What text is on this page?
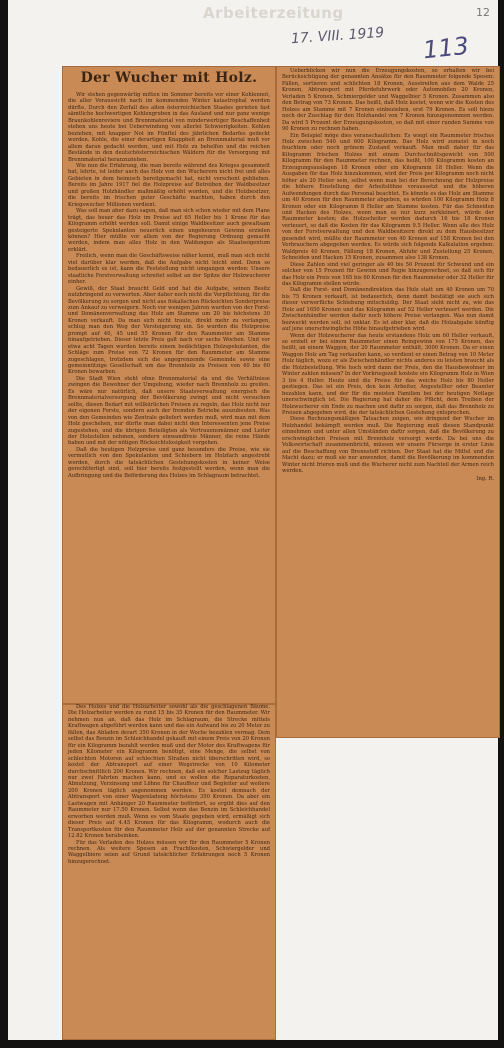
Arbeiterzeitung
17. VIII. 1919 113
12
Der Wucher mit Holz.

Wir stehen gegenwärtig mitten im Sommer bereits vor einer Kohlennot, die aller Voraussicht nach im kommenden Winter katastrophal werden dürfte. Durch den Zerfall des alten österreichischen Staates gerieten fast sämtliche hochwertigen Kohlengruben in das Ausland und nur ganz wenige Braunkohlenreviere und Brennmaterial von minderwertiger Beschaffenheit stehen uns heute bei Ueberwindung von allerlei Schwierigkeiten. Kohlen beziehen, mit knapper Not im Fünftel des jährlichen Bedarfes gedeckt werden. Kohle, die einer derartigen Knappheit an Brennmaterial muß vor allem daran gedacht werden, und mit Holz zu behelfen und die reichen Bestände in den deutschösterreichischen Wäldern für die Versorgung mit Brennmaterial heranzuziehen.

Wie nun die Erfahrung, die man bereits während des Krieges gesammelt hat, lehrte, ist leider auch das Holz von den Wucherern nicht frei und alles Gebieten in dem heimisch bereitgemacht hat, nicht verschont geblieben. Bereits im Jahre 1917 fiel die Holzpreise auf Betreiben der Waldbesitzer und großen Holzhändler maßmäßig erhöht worden, und die Holzbesitzer, die bereits im frischen guter Geschäfte machten, haben durch den Kriegswucher Millionen verdient.

Was soll man aber dazu sagen, daß man sich schon wieder mit dem Plane trägt, das heuer das Holz im Preise auf 65 Heller bis 1 Krone für das Kilogramm erhöht werden soll. Damit einige Waldbesitzer auch gewaltsam gesteigerte Spekulanten neuerlich einen ungeheuren Gewinn erzielen können? Hier müßte vor allem von der Regierung Ordnung gemacht werden, indem man alles Holz in den Waldungen als Staatseigentum erklärt.

Freilich, wenn man die Geschäftsweise näher kennt, muß man sich nicht viel darüber klar werden, daß die Aufgabe nicht leicht sind. Denn so bedauerlich es ist, kann die Feststellung nicht umgangen werden: Unsere staatliche Forstverwaltung schreitet selbst an der Spitze der Holzwucherer einher.

Gewiß, der Staat braucht Geld und hat die Aufgabe, seinen Besitz nutzbringend zu verwerten. Aber daher noch nicht die Verpflichtung, für die Bevölkerung zu sorgen und nicht aus fiskalischen Rücksichten Sonderpreise zum Ankauf zu verweigern. Noch vor wenigen Jahren wurden von der Forst- und Domänenverwaltung das Holz am Stamme um 20 bis höchstens 30 Kronen verkauft. Da man sich nicht traute, direkt mehr zu verlangen, schlug man den Weg der Versteigerung ein. So wurden die Holzpreise prompt auf 40, 45 und 55 Kronen für den Raummeter am Stamme hinaufgetrieben. Dieser letzte Preis galt nach vor sechs Wochen. Und vor etwa acht Tagen wurden bereits einem bedächtigen Holzspekulanten, die Schläge zum Preise von 72 Kronen für den Raummeter am Stamme zugeschlagen, trotzdem sich die angegrenzende Gemeinde sowie eine gemeinnützige Gesellschaft um das Brennholz zu Preisen von 40 bis 60 Kronen bewarben.

Die Stadt Wien steht ohne Brennmaterial da und die Verhältnisse zwingen die Bewohner der Umgebung, wieder nach Brennholz zu greifen. Es wäre nur natürlich, daß unsere Staatsverwaltung energisch die Brennmaterialversorgung der Bevölkerung zwingt und nicht versuchen sollte, diesen Bedarf mit willkürlichen Preisen zu regeln, das Holz nicht nur der eigenen Forste, sondern auch der fremden Betriebe auszubeuten. Was von den Gemeinden wie Zentrale geliefert werden muß, wird man mit dem Holz geschehen, nur dürfte man dabei nicht den Interessenten jene Preise zugestehen, und die übrigen Beteiligten als Vertrauensmänner und Leiter der Holzstellen nehmen, sondern einwandfreie Männer, die reine Hände haben und mit der nötigen Rücksichtslosigkeit vorgehen.

Daß die heutigen Holzpreise und ganz besonders die Preise, wie sie vermutlich von den Spekulanten und Schiebern im Holzfach angestrebt werden, durch die tatsächlichen Gestehungskosten in keiner Weise gerechtfertigt sind, soll hier bereits festgestellt werden, wenn man die Aufbringung und die Beförderung des Holzes im Schlagraum betrachtet.

Des Holzes und die Holzarbeiter sowohl als die geschlagenen Bäume. Die Holzarbeiter werden zu rund 15 bis 35 Kronen für den Raummeter. Wir nehmen nun an, daß das Holz im Schlagraum, die Strecke mittels Kraftwagen abgeführt werden kann und das ein Aufwand bis zu 20 Meter zu fällen, das Abladen derart 350 Kronen in der Woche bezahlen vermag. Dem selbst das Benzin im Schleichhandel gekauft mit einem Preis von 20 Kronen für ein Kilogramm bezahlt werden muß und der Motor des Kraftwagens für jeden Kilometer ein Kilogramm benötigt, eine Menge, die selbst von schlechten Motoren auf schlechten Straßen nicht überschritten wird, so kostet der Abtransport auf einer Wegstrecke von 10 Kilometer durchschnittlich 200 Kronen. Wir rechnen, daß ein solcher Lastzug täglich nur zwei Fahrten machen kann, und es wollen die Reparaturkosten, Abnutzung, Verzinsung und Löhne für Chauffeur und Begleiter auf weitere 200 Kronen täglich angenommen werden. Es kostet demnach der Abtransport von einer Wagenladung höchstens 350 Kronen. Da aber ein Lastwagen mit Anhänger 20 Raummeter befördert, so ergibt dies auf den Raummeter nur 17.50 Kronen. Selbst wenn das Benzin im Schleichhandel erworben werden muß. Wenn es vom Staate gegeben wird, ermäßigt sich dieser Preis auf 4.45 Kronen für das Kilogramm, wodurch auch die Transportkosten für den Raummeter Holz auf der genannten Strecke auf 12.82 Kronen herabsinken.

Für das Verladen des Holzes müssen wir für den Raummeter 5 Kronen rechnen. Als weitere Spesen an Frachtkosten, Schwiergelder und Waggelbiere seien auf Grund tatsächlicher Erfahrungen noch 5 Kronen hinzugerechnet.

Ueberblicken wir nun die Erzeugungskosten, so erhalten wir bei Berücksichtigung der genannten Ansätze für den Raummeter folgende Spesen: Fällen, sortieren und schlichten 18 Kronen, Ausstreifen aus dem Walde 25 Kronen, Abtransport mit Pferdefuhrwerk oder Automobilen 20 Kronen, Verladen 5 Kronen, Schmiergelder und Waggelbier 5 Kronen. Zusammen also den Betrag von 73 Kronen. Das heißt, daß Holz kostet, wenn wir die Kosten des Holzes am Stamme mit 7 Kronen einbeziehen, erst 79 Kronen. Es soll hiezu noch der Zuschlag für den Holzhandel von 7 Kronen hinzugenommen werden. Da wird 5 Prozent der Erzeugungskosten, so daß mit einer runden Summe von 90 Kronen zu rechnen haben.

Ein Beispiel möge dies veranschaulichen: Es wiegt ein Raummeter frisches Holz zwischen 540 und 600 Kilogramm. Das Holz wird zumeist in noch feuchtem oder noch grünem Zustand verkauft. Man muß daher für das Kilogramm frischen Holzes mit einem Durchschnittsgewicht von 500 Kilogramm für den Raummeter rechnen, das heißt, 100 Kilogramm kosten an Erzeugungsauslagen 18 Kronen oder ein Kilogramm 18 Heller. Wenn die Ausgaben für das Holz hinzukommen, wird der Preis per Kilogramm noch nicht höher als 20 Heller sein, selbst wenn man bei der Berechnung der Holzpreise die höhere Einstellung der Arbeitslöhne voraussetzt und die höheren Aufwendungen durch das Personal beachtet. Es könnte es das Holz am Stamme um 40 Kronen für den Raummeter abgeben, es würden 100 Kilogramm Holz 8 Kronen oder ein Kilogramm 8 Heller am Stamme kosten. Für das Schneiden und Hacken des Holzes, wenn man es nur kurz zerkleinert, würde der Raummeter kosten; die Holzscheiter werden dadurch 16 bis 18 Kronen verteuert, so daß die Kosten für das Kilogramm 9.5 Heller. Wenn alle des Holz von der Forstverwaltung und den Waldbesitzern direkt zu dem Hausbesitzer gesendet wird, müßte der Raummeter von 40 Kronen auf 158 Kronen bei den Verbrauchern abgegeben werden. Es würde sich folgende Kalkulation ergeben: Waldpreis 40 Kronen, Fällung 18 Kronen, Abfuhr und Zustellung 25 Kronen, Schneiden und Hacken 15 Kronen, zusammen also 138 Kronen.

Diese Zahlen sind viel geringer als 40 bis 50 Prozent für Schwund und ein solcher von 15 Prozent für Gewinn und Regie hinzugerechnet, so daß sich für das Holz ein Preis von 165 bis 60 Kronen für den Raummeter oder 32 Heller für das Kilogramm stellen würde.

Daß die Forst- und Domänendirektion das Holz statt um 40 Kronen um 70 bis 75 Kronen verkauft, ist bedauerlich, denn damit bestätigt sie auch sich dieser verwerfliche Schiebung mitschuldig. Der Staat sieht nicht zu, wie das Holz auf 1650 Kronen und das Kilogramm auf 52 Heller verteuert werden. Die Zwischenhändler werden dafür noch höhere Preise verlangen. Was nun damit bezweckt werden soll, ist unklar. Es ist aber klar, daß die Holzabgabe künftig auf jene unerschwingliche Höhe hinaufgetrieben wird.

Wenn der Holzwucherer das heute erstandene Holz um 60 Heller verkauft, so erzielt er bei einem Raummeter einen Reingewinn von 175 Kronen, das heißt, an einem Waggon, der 20 Raummeter enthält, 3000 Kronen. Da er einen Waggon Holz am Tag verkaufen kann, so verdient er einen Betrag von 10 Meter Holz täglich, wozu er als Zwischenhändler nichts anderes zu leisten braucht als die Holzbestellung. Wie hoch wird dann der Preis, den die Hausbewohner im Winter zahlen müssen? In der Vorkriegszeit kostete ein Kilogramm Holz in Wien 3 bis 4 Heller. Heute sind die Preise für das weiche Holz bis 80 Heller gestiegen. Das ist ein Preis, den kein Arbeiter, Angestellter oder Beamter bezahlen kann, und der für die meisten Familien bei der heutigen Notlage unerschwinglich ist. Die Regierung hat daher die Pflicht, dem Treiben der Holzwucherer ein Ende zu machen und dafür zu sorgen, daß das Brennholz zu Preisen abgegeben wird, die der tatsächlichen Gestehung entsprechen.

Diese Rechnungsmäßigen Tatsachen zeigen, wie dringend der Wucher im Holzhandel bekämpft werden muß. Die Regierung muß diesen Standpunkt einnehmen und unter allen Umständen dafür sorgen, daß die Bevölkerung zu erschwinglichen Preisen mit Brennholz versorgt werde. Da bei uns die Volkswirtschaft zusammenbricht, müssen wir unsere Fürsorge in erster Linie auf die Beschaffung von Brennstoff richten. Der Staat hat die Mittel und die Macht dazu; er muß sie nur anwenden, damit die Bevölkerung im kommenden Winter nicht frieren muß und die Wucherer nicht zum Nachteil der Armen reich werden.

Ing. R.
